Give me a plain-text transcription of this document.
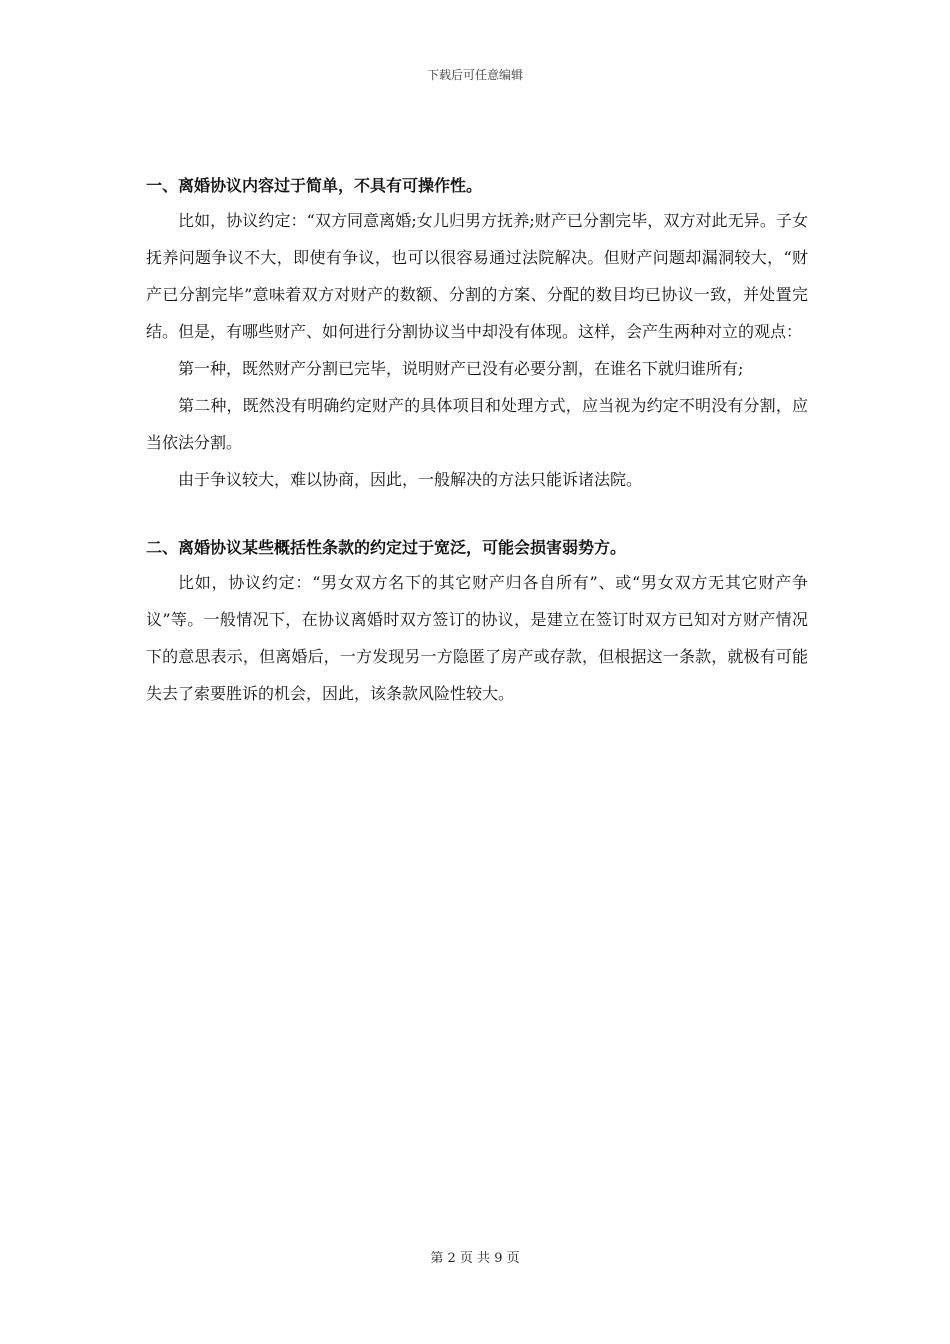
下载后可任意编辑

一、离婚协议内容过于简单，不具有可操作性。

比如，协议约定：“双方同意离婚;女儿归男方抚养;财产已分割完毕，双方对此无异。子女抚养问题争议不大，即使有争议，也可以很容易通过法院解决。但财产问题却漏洞较大，“财产已分割完毕”意味着双方对财产的数额、分割的方案、分配的数目均已协议一致，并处置完结。但是，有哪些财产、如何进行分割协议当中却没有体现。这样，会产生两种对立的观点：

第一种，既然财产分割已完毕，说明财产已没有必要分割，在谁名下就归谁所有;

第二种，既然没有明确约定财产的具体项目和处理方式，应当视为约定不明没有分割，应当依法分割。

由于争议较大，难以协商，因此，一般解决的方法只能诉诸法院。

二、离婚协议某些概括性条款的约定过于宽泛，可能会损害弱势方。

比如，协议约定：“男女双方名下的其它财产归各自所有”、或“男女双方无其它财产争议”等。一般情况下，在协议离婚时双方签订的协议，是建立在签订时双方已知对方财产情况下的意思表示，但离婚后，一方发现另一方隐匿了房产或存款，但根据这一条款，就极有可能失去了索要胜诉的机会，因此，该条款风险性较大。

第 2 页 共 9 页
